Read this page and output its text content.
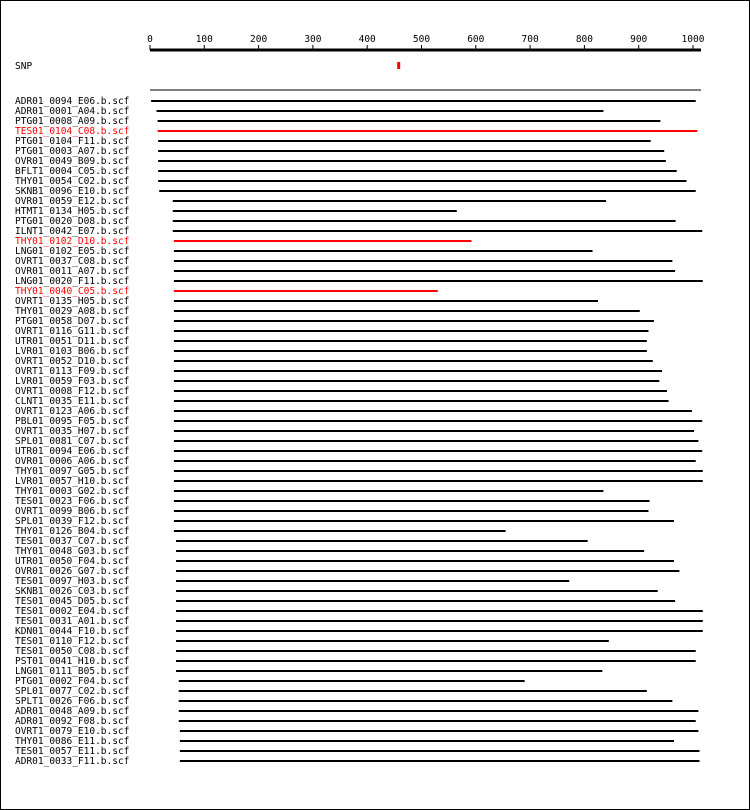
0	100	200	300	400	500	600	700	800	900	1000
SNP
ADR01_0094_E06.b.scf
ADR01_0001_A04.b.scf
PTG01_0008_A09.b.scf
TES01_0104_C08.b.scf
PTG01_0104_F11.b.scf
PTG01_0003_A07.b.scf
OVR01_0049_B09.b.scf
BFLT1_0004_C05.b.scf
THY01_0054_C02.b.scf
SKNB1_0096_E10.b.scf
OVR01_0059_E12.b.scf
HTMT1_0134_H05.b.scf
PTG01_0020_D08.b.scf
ILNT1_0042_E07.b.scf
THY01_0102_D10.b.scf
LNG01_0102_E05.b.scf
OVRT1_0037_C08.b.scf
OVR01_0011_A07.b.scf
LNG01_0020_F11.b.scf
THY01_0040_C05.b.scf
OVRT1_0135_H05.b.scf
THY01_0029_A08.b.scf
PTG01_0058_D07.b.scf
OVRT1_0116_G11.b.scf
UTR01_0051_D11.b.scf
LVR01_0103_B06.b.scf
OVRT1_0052_D10.b.scf
OVRT1_0113_F09.b.scf
LVR01_0059_F03.b.scf
OVRT1_0008_F12.b.scf
CLNT1_0035_E11.b.scf
OVRT1_0123_A06.b.scf
PBL01_0095_F05.b.scf
OVRT1_0035_H07.b.scf
SPL01_0081_C07.b.scf
UTR01_0094_E06.b.scf
OVR01_0006_A06.b.scf
THY01_0097_G05.b.scf
LVR01_0057_H10.b.scf
THY01_0003_G02.b.scf
TES01_0023_F06.b.scf
OVRT1_0099_B06.b.scf
SPL01_0039_F12.b.scf
THY01_0126_B04.b.scf
TES01_0037_C07.b.scf
THY01_0048_G03.b.scf
UTR01_0050_F04.b.scf
OVR01_0026_G07.b.scf
TES01_0097_H03.b.scf
SKNB1_0026_C03.b.scf
TES01_0045_D05.b.scf
TES01_0002_E04.b.scf
TES01_0031_A01.b.scf
KDN01_0044_F10.b.scf
TES01_0110_F12.b.scf
TES01_0050_C08.b.scf
PST01_0041_H10.b.scf
LNG01_0111_B05.b.scf
PTG01_0002_F04.b.scf
SPL01_0077_C02.b.scf
SPLT1_0026_F06.b.scf
ADR01_0048_A09.b.scf
ADR01_0092_F08.b.scf
OVRT1_0079_E10.b.scf
THY01_0086_E11.b.scf
TES01_0057_E11.b.scf
ADR01_0033_F11.b.scf
